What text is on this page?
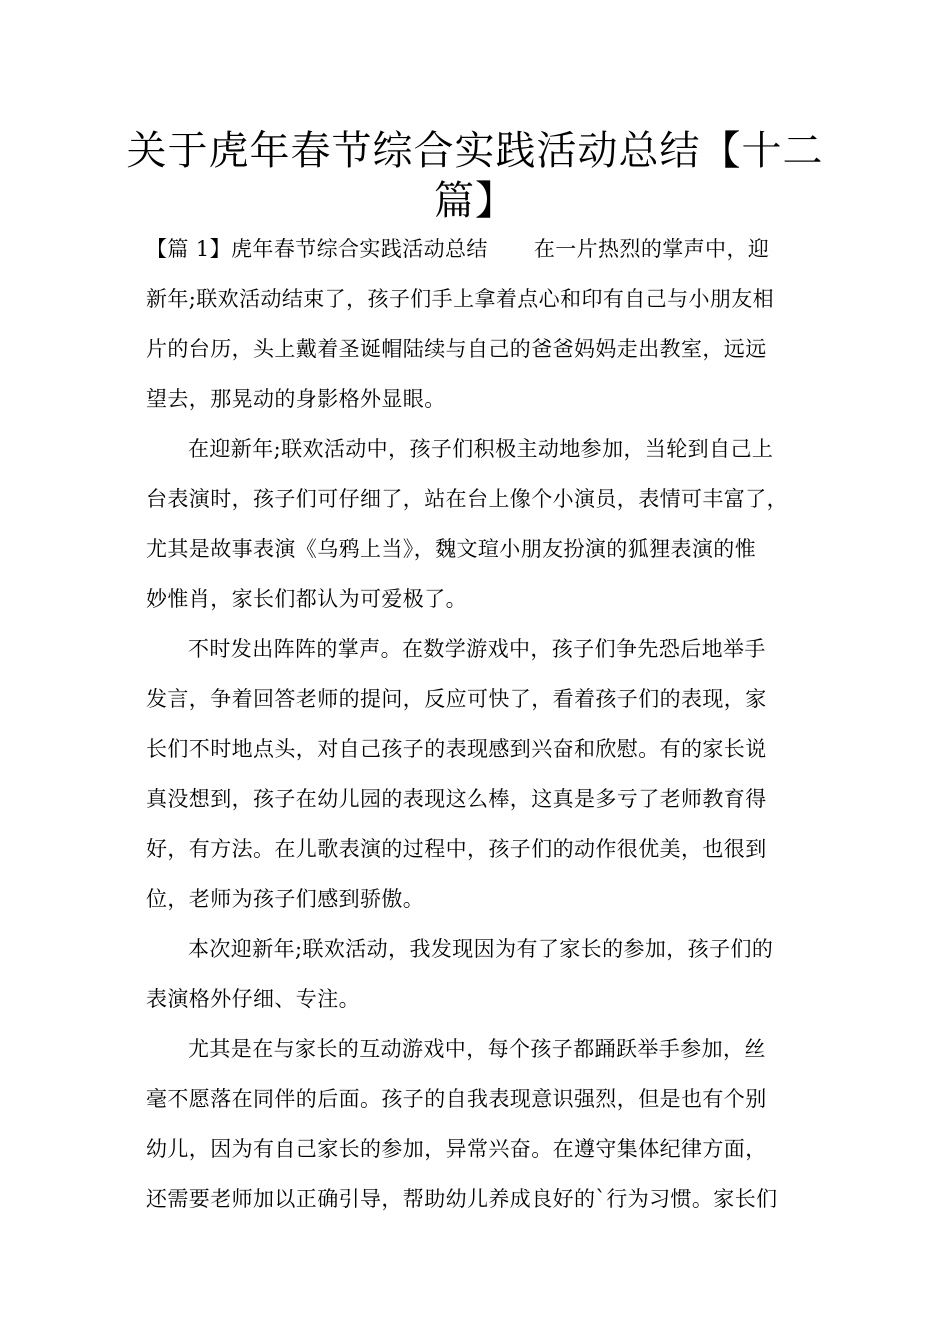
关于虎年春节综合实践活动总结【十二
篇】
【篇 1】虎年春节综合实践活动总结 在一片热烈的掌声中，迎
新年;联欢活动结束了，孩子们手上拿着点心和印有自己与小朋友相
片的台历，头上戴着圣诞帽陆续与自己的爸爸妈妈走出教室，远远
望去，那晃动的身影格外显眼。
在迎新年;联欢活动中，孩子们积极主动地参加，当轮到自己上
台表演时，孩子们可仔细了，站在台上像个小演员，表情可丰富了，
尤其是故事表演《乌鸦上当》，魏文瑄小朋友扮演的狐狸表演的惟
妙惟肖，家长们都认为可爱极了。
不时发出阵阵的掌声。在数学游戏中，孩子们争先恐后地举手
发言，争着回答老师的提问，反应可快了，看着孩子们的表现，家
长们不时地点头，对自己孩子的表现感到兴奋和欣慰。有的家长说
真没想到，孩子在幼儿园的表现这么棒，这真是多亏了老师教育得
好，有方法。在儿歌表演的过程中，孩子们的动作很优美，也很到
位，老师为孩子们感到骄傲。
本次迎新年;联欢活动，我发现因为有了家长的参加，孩子们的
表演格外仔细、专注。
尤其是在与家长的互动游戏中，每个孩子都踊跃举手参加，丝
毫不愿落在同伴的后面。孩子的自我表现意识强烈，但是也有个别
幼儿，因为有自己家长的参加，异常兴奋。在遵守集体纪律方面，
还需要老师加以正确引导，帮助幼儿养成良好的`行为习惯。家长们
